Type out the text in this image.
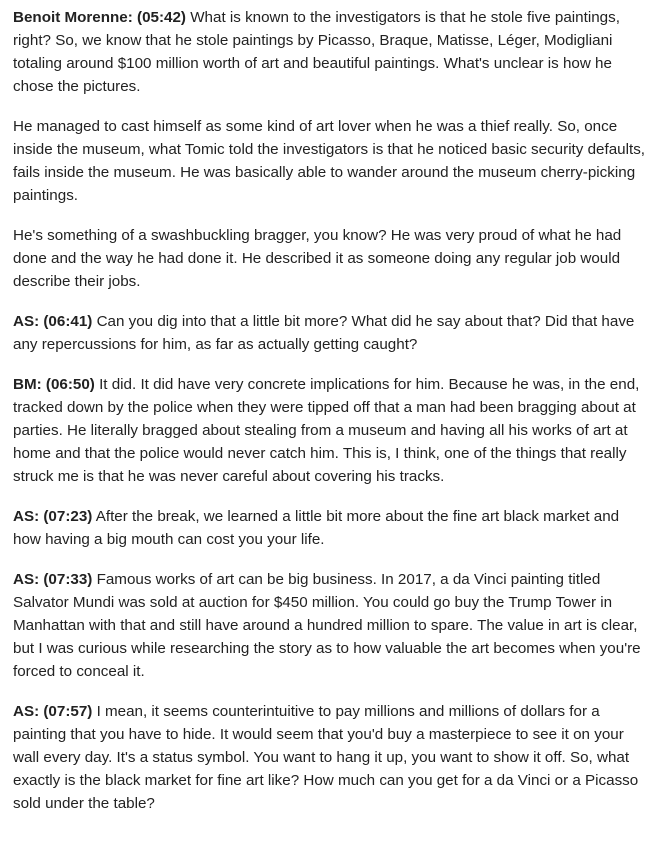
Benoit Morenne: (05:42) What is known to the investigators is that he stole five paintings, right? So, we know that he stole paintings by Picasso, Braque, Matisse, Léger, Modigliani totaling around $100 million worth of art and beautiful paintings. What's unclear is how he chose the pictures.

He managed to cast himself as some kind of art lover when he was a thief really. So, once inside the museum, what Tomic told the investigators is that he noticed basic security defaults, fails inside the museum. He was basically able to wander around the museum cherry-picking paintings.

He's something of a swashbuckling bragger, you know? He was very proud of what he had done and the way he had done it. He described it as someone doing any regular job would describe their jobs.

AS: (06:41) Can you dig into that a little bit more? What did he say about that? Did that have any repercussions for him, as far as actually getting caught?

BM: (06:50) It did. It did have very concrete implications for him. Because he was, in the end, tracked down by the police when they were tipped off that a man had been bragging about at parties. He literally bragged about stealing from a museum and having all his works of art at home and that the police would never catch him. This is, I think, one of the things that really struck me is that he was never careful about covering his tracks.

AS: (07:23) After the break, we learned a little bit more about the fine art black market and how having a big mouth can cost you your life.

AS: (07:33) Famous works of art can be big business. In 2017, a da Vinci painting titled Salvator Mundi was sold at auction for $450 million. You could go buy the Trump Tower in Manhattan with that and still have around a hundred million to spare. The value in art is clear, but I was curious while researching the story as to how valuable the art becomes when you're forced to conceal it.

AS: (07:57) I mean, it seems counterintuitive to pay millions and millions of dollars for a painting that you have to hide. It would seem that you'd buy a masterpiece to see it on your wall every day. It's a status symbol. You want to hang it up, you want to show it off. So, what exactly is the black market for fine art like? How much can you get for a da Vinci or a Picasso sold under the table?
